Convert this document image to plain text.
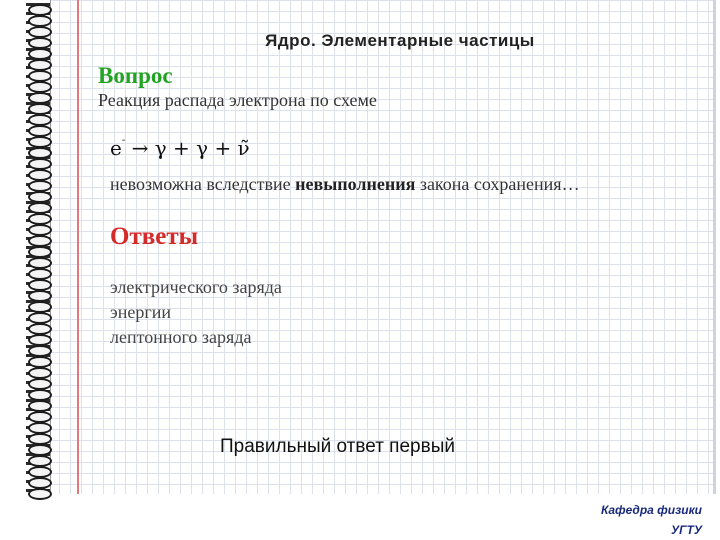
Ядро. Элементарные частицы
Вопрос
Реакция распада электрона по схеме
e- → γ + γ + ν̃
невозможна вследствие невыполнения закона сохранения…
Ответы
электрического заряда
энергии
лептонного заряда
Правильный ответ первый
Кафедра физики
УГТУ
